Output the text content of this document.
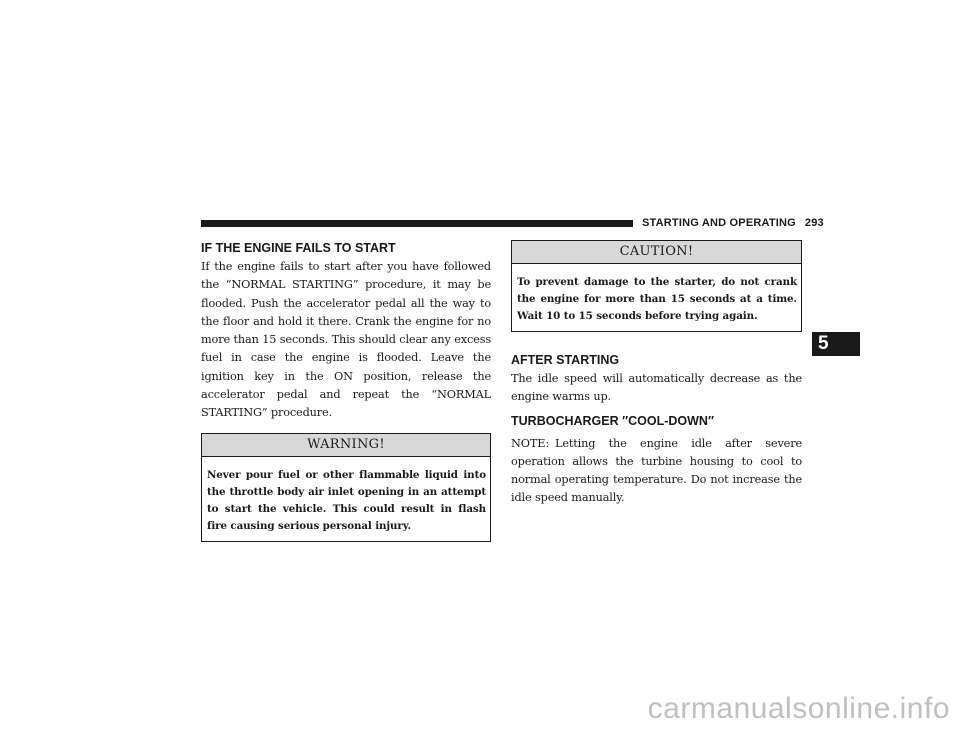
STARTING AND OPERATING 293
IF THE ENGINE FAILS TO START

If the engine fails to start after you have followed the “NORMAL STARTING” procedure, it may be flooded. Push the accelerator pedal all the way to the floor and hold it there. Crank the engine for no more than 15 seconds. This should clear any excess fuel in case the engine is flooded. Leave the ignition key in the ON position, release the accelerator pedal and repeat the “NORMAL STARTING” procedure.

WARNING!
Never pour fuel or other flammable liquid into the throttle body air inlet opening in an attempt to start the vehicle. This could result in flash fire causing serious personal injury.
CAUTION!
To prevent damage to the starter, do not crank the engine for more than 15 seconds at a time. Wait 10 to 15 seconds before trying again.
AFTER STARTING

The idle speed will automatically decrease as the engine warms up.

TURBOCHARGER ″COOL-DOWN″

NOTE: Letting the engine idle after severe operation allows the turbine housing to cool to normal operating temperature. Do not increase the idle speed manually.

5
carmanualsonline.info
